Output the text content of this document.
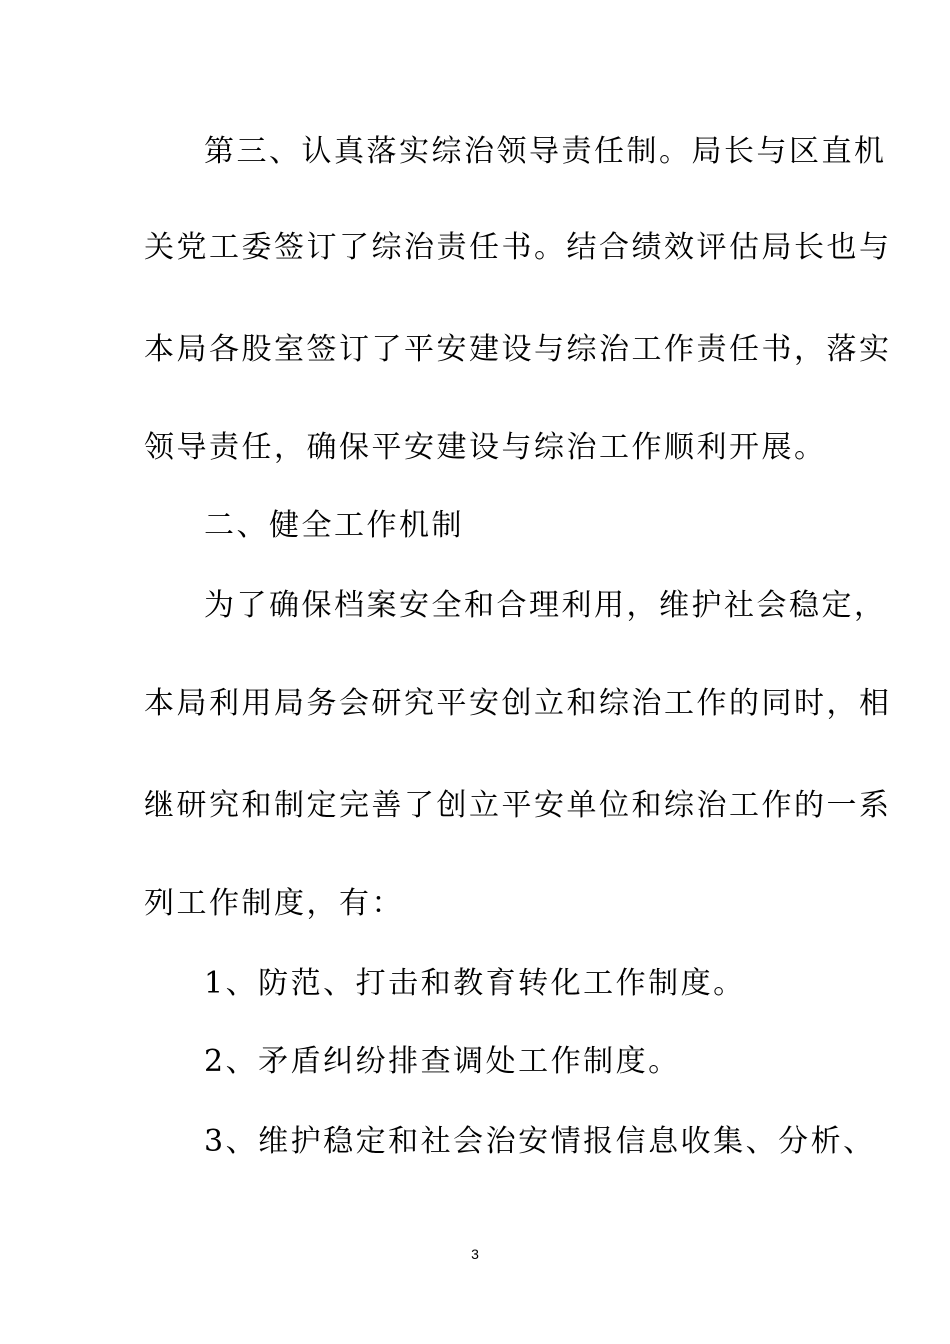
第三、认真落实综治领导责任制。局长与区直机
关党工委签订了综治责任书。结合绩效评估局长也与
本局各股室签订了平安建设与综治工作责任书，落实
领导责任，确保平安建设与综治工作顺利开展。
二、健全工作机制
为了确保档案安全和合理利用，维护社会稳定，
本局利用局务会研究平安创立和综治工作的同时，相
继研究和制定完善了创立平安单位和综治工作的一系
列工作制度，有：
1、防范、打击和教育转化工作制度。
2、矛盾纠纷排查调处工作制度。
3、维护稳定和社会治安情报信息收集、分析、
3
